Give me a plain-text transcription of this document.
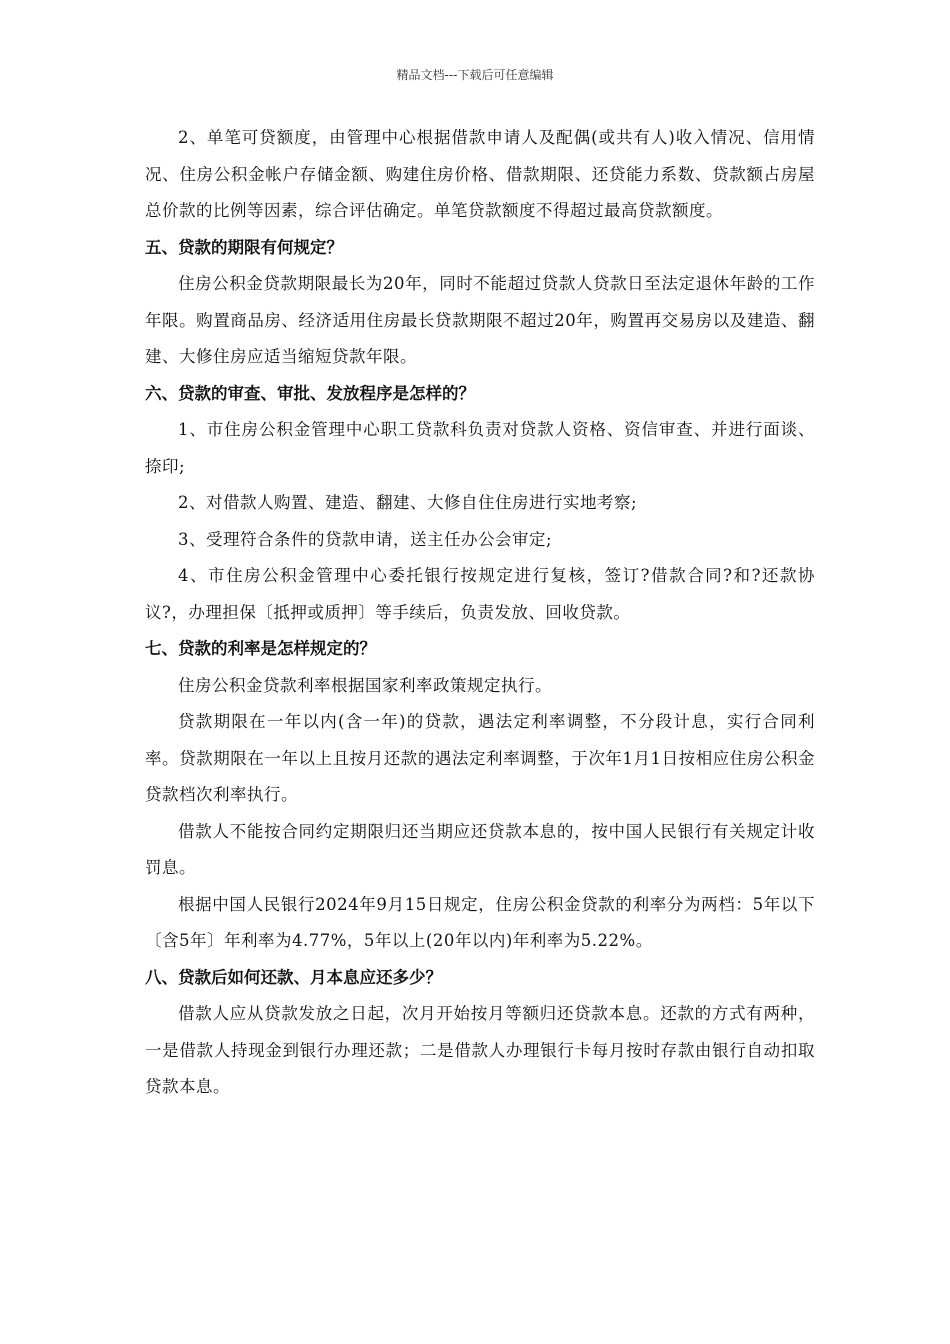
精品文档---下载后可任意编辑

2、单笔可贷额度，由管理中心根据借款申请人及配偶(或共有人)收入情况、信用情况、住房公积金帐户存储金额、购建住房价格、借款期限、还贷能力系数、贷款额占房屋总价款的比例等因素，综合评估确定。单笔贷款额度不得超过最高贷款额度。

五、贷款的期限有何规定？

住房公积金贷款期限最长为20年，同时不能超过贷款人贷款日至法定退休年龄的工作年限。购置商品房、经济适用住房最长贷款期限不超过20年，购置再交易房以及建造、翻建、大修住房应适当缩短贷款年限。

六、贷款的审查、审批、发放程序是怎样的？

1、市住房公积金管理中心职工贷款科负责对贷款人资格、资信审查、并进行面谈、捺印;

2、对借款人购置、建造、翻建、大修自住住房进行实地考察;

3、受理符合条件的贷款申请，送主任办公会审定;

4、市住房公积金管理中心委托银行按规定进行复核，签订?借款合同?和?还款协议?，办理担保〔抵押或质押〕等手续后，负责发放、回收贷款。

七、贷款的利率是怎样规定的？

住房公积金贷款利率根据国家利率政策规定执行。

贷款期限在一年以内(含一年)的贷款，遇法定利率调整，不分段计息，实行合同利率。贷款期限在一年以上且按月还款的遇法定利率调整，于次年1月1日按相应住房公积金贷款档次利率执行。

借款人不能按合同约定期限归还当期应还贷款本息的，按中国人民银行有关规定计收罚息。

根据中国人民银行2024年9月15日规定，住房公积金贷款的利率分为两档：5年以下〔含5年〕年利率为4.77%，5年以上(20年以内)年利率为5.22%。

八、贷款后如何还款、月本息应还多少？

借款人应从贷款发放之日起，次月开始按月等额归还贷款本息。还款的方式有两种，一是借款人持现金到银行办理还款；二是借款人办理银行卡每月按时存款由银行自动扣取贷款本息。
